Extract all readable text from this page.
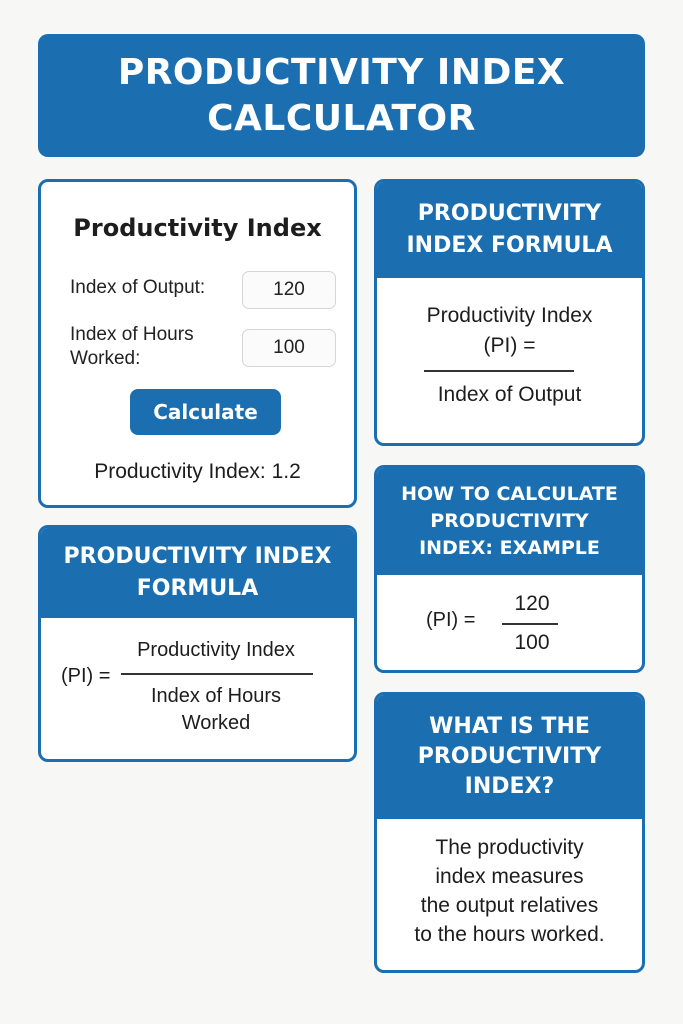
PRODUCTIVITY INDEX
CALCULATOR
Productivity Index
Index of Output:	120
Index of Hours
Worked:
100
Calculate
Productivity Index: 1.2
PRODUCTIVITY
INDEX FORMULA
Productivity Index
(PI) =
Index of Output
PRODUCTIVITY INDEX
FORMULA
(PI) =
Productivity Index
Index of Hours
Worked
HOW TO CALCULATE
PRODUCTIVITY
INDEX: EXAMPLE
(PI) =
120
100
WHAT IS THE
PRODUCTIVITY
INDEX?
The productivity
index measures
the output relatives
to the hours worked.
